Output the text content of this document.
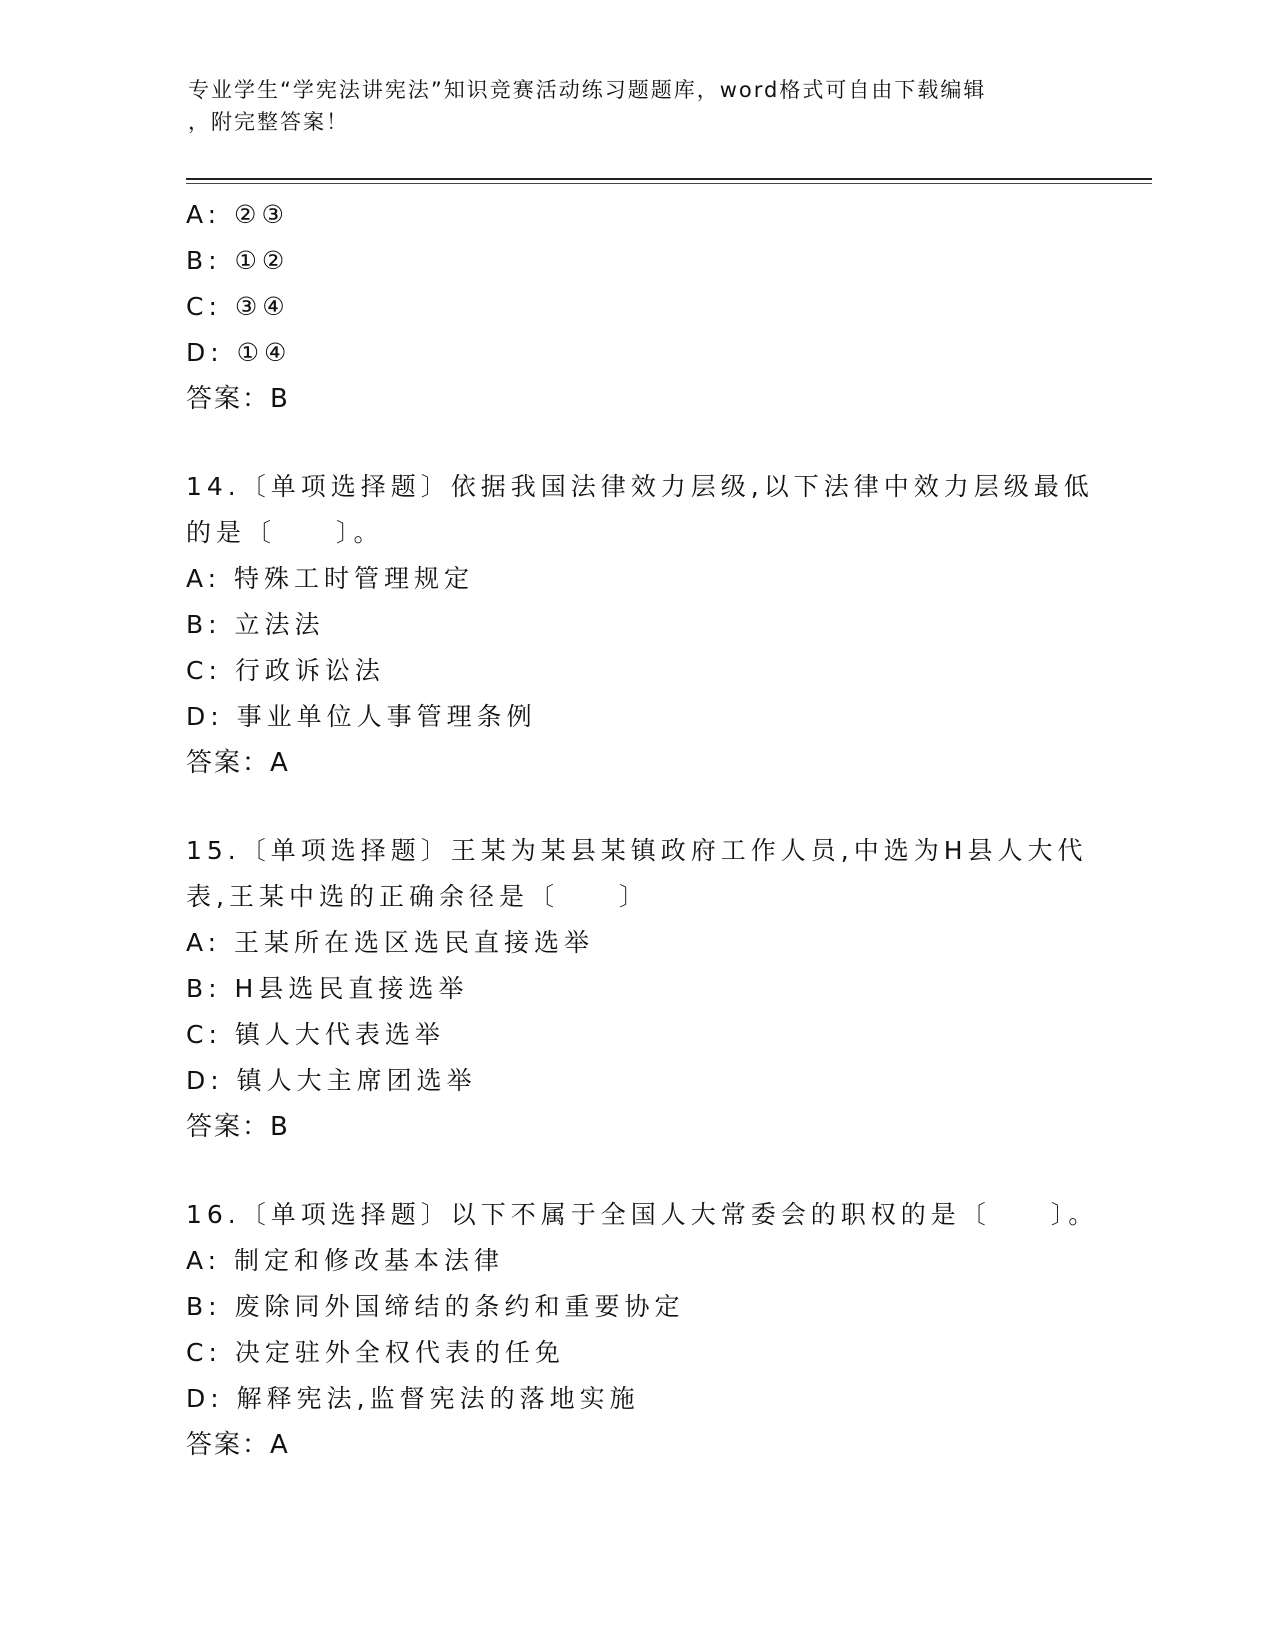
专业学生“学宪法讲宪法”知识竞赛活动练习题题库，word格式可自由下载编辑
，附完整答案！
A: ②③
B: ①②
C: ③④
D: ①④
答案：B
14.〔单项选择题〕依据我国法律效力层级,以下法律中效力层级最低
的是〔　　〕。
A: 特殊工时管理规定
B: 立法法
C: 行政诉讼法
D: 事业单位人事管理条例
答案：A
15.〔单项选择题〕王某为某县某镇政府工作人员,中选为H县人大代
表,王某中选的正确余径是〔　　〕
A: 王某所在选区选民直接选举
B: H县选民直接选举
C: 镇人大代表选举
D: 镇人大主席团选举
答案：B
16.〔单项选择题〕以下不属于全国人大常委会的职权的是〔　　〕。
A: 制定和修改基本法律
B: 废除同外国缔结的条约和重要协定
C: 决定驻外全权代表的任免
D: 解释宪法,监督宪法的落地实施
答案：A
